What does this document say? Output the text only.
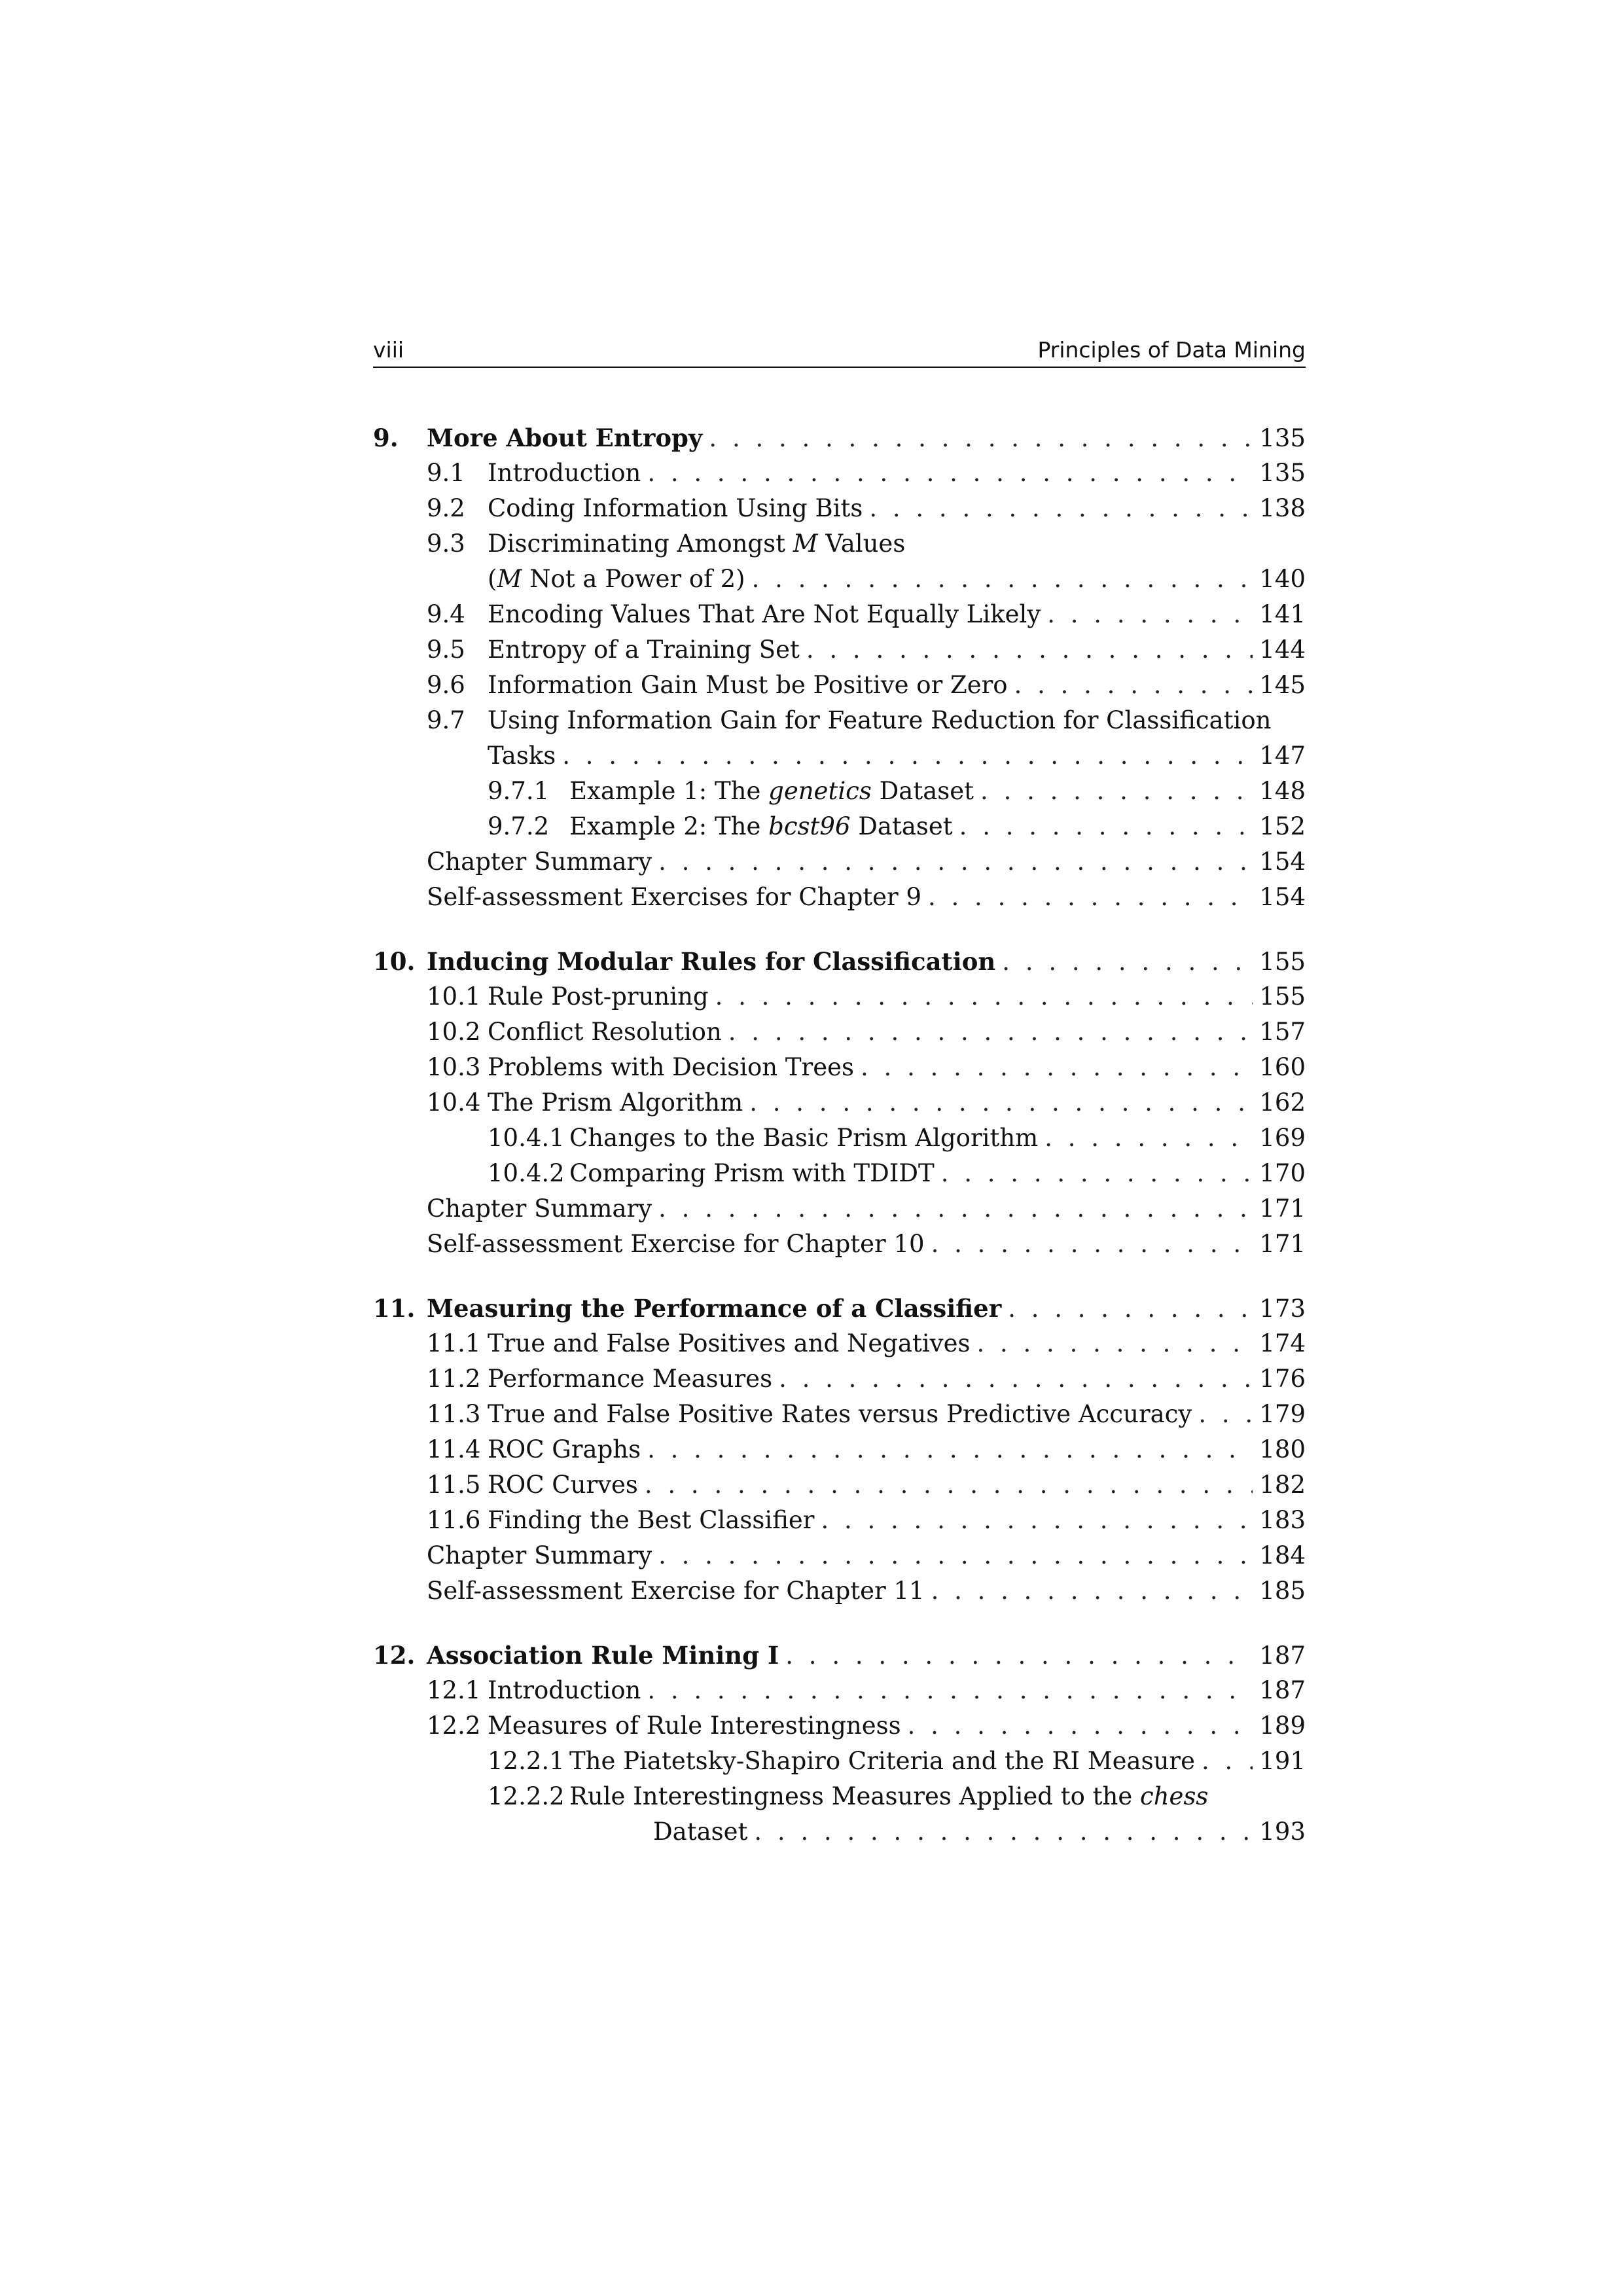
viii	Principles of Data Mining
9. More About Entropy . . .	135
9.1 Introduction . . .	135
9.2 Coding Information Using Bits . . .	138
9.3 Discriminating Amongst M Values
(M Not a Power of 2) . . .	140
9.4 Encoding Values That Are Not Equally Likely . . .	141
9.5 Entropy of a Training Set . . .	144
9.6 Information Gain Must be Positive or Zero . . .	145
9.7 Using Information Gain for Feature Reduction for Classification
Tasks . . .	147
9.7.1 Example 1: The genetics Dataset . . .	148
9.7.2 Example 2: The bcst96 Dataset . . .	152
Chapter Summary . . .	154
Self-assessment Exercises for Chapter 9 . . .	154
10. Inducing Modular Rules for Classification . . .	155
10.1 Rule Post-pruning . . .	155
10.2 Conflict Resolution . . .	157
10.3 Problems with Decision Trees . . .	160
10.4 The Prism Algorithm . . .	162
10.4.1 Changes to the Basic Prism Algorithm . . .	169
10.4.2 Comparing Prism with TDIDT . . .	170
Chapter Summary . . .	171
Self-assessment Exercise for Chapter 10 . . .	171
11. Measuring the Performance of a Classifier . . .	173
11.1 True and False Positives and Negatives . . .	174
11.2 Performance Measures . . .	176
11.3 True and False Positive Rates versus Predictive Accuracy . . .	179
11.4 ROC Graphs . . .	180
11.5 ROC Curves . . .	182
11.6 Finding the Best Classifier . . .	183
Chapter Summary . . .	184
Self-assessment Exercise for Chapter 11 . . .	185
12. Association Rule Mining I . . .	187
12.1 Introduction . . .	187
12.2 Measures of Rule Interestingness . . .	189
12.2.1 The Piatetsky-Shapiro Criteria and the RI Measure . . .	191
12.2.2 Rule Interestingness Measures Applied to the chess
Dataset . . .	193
